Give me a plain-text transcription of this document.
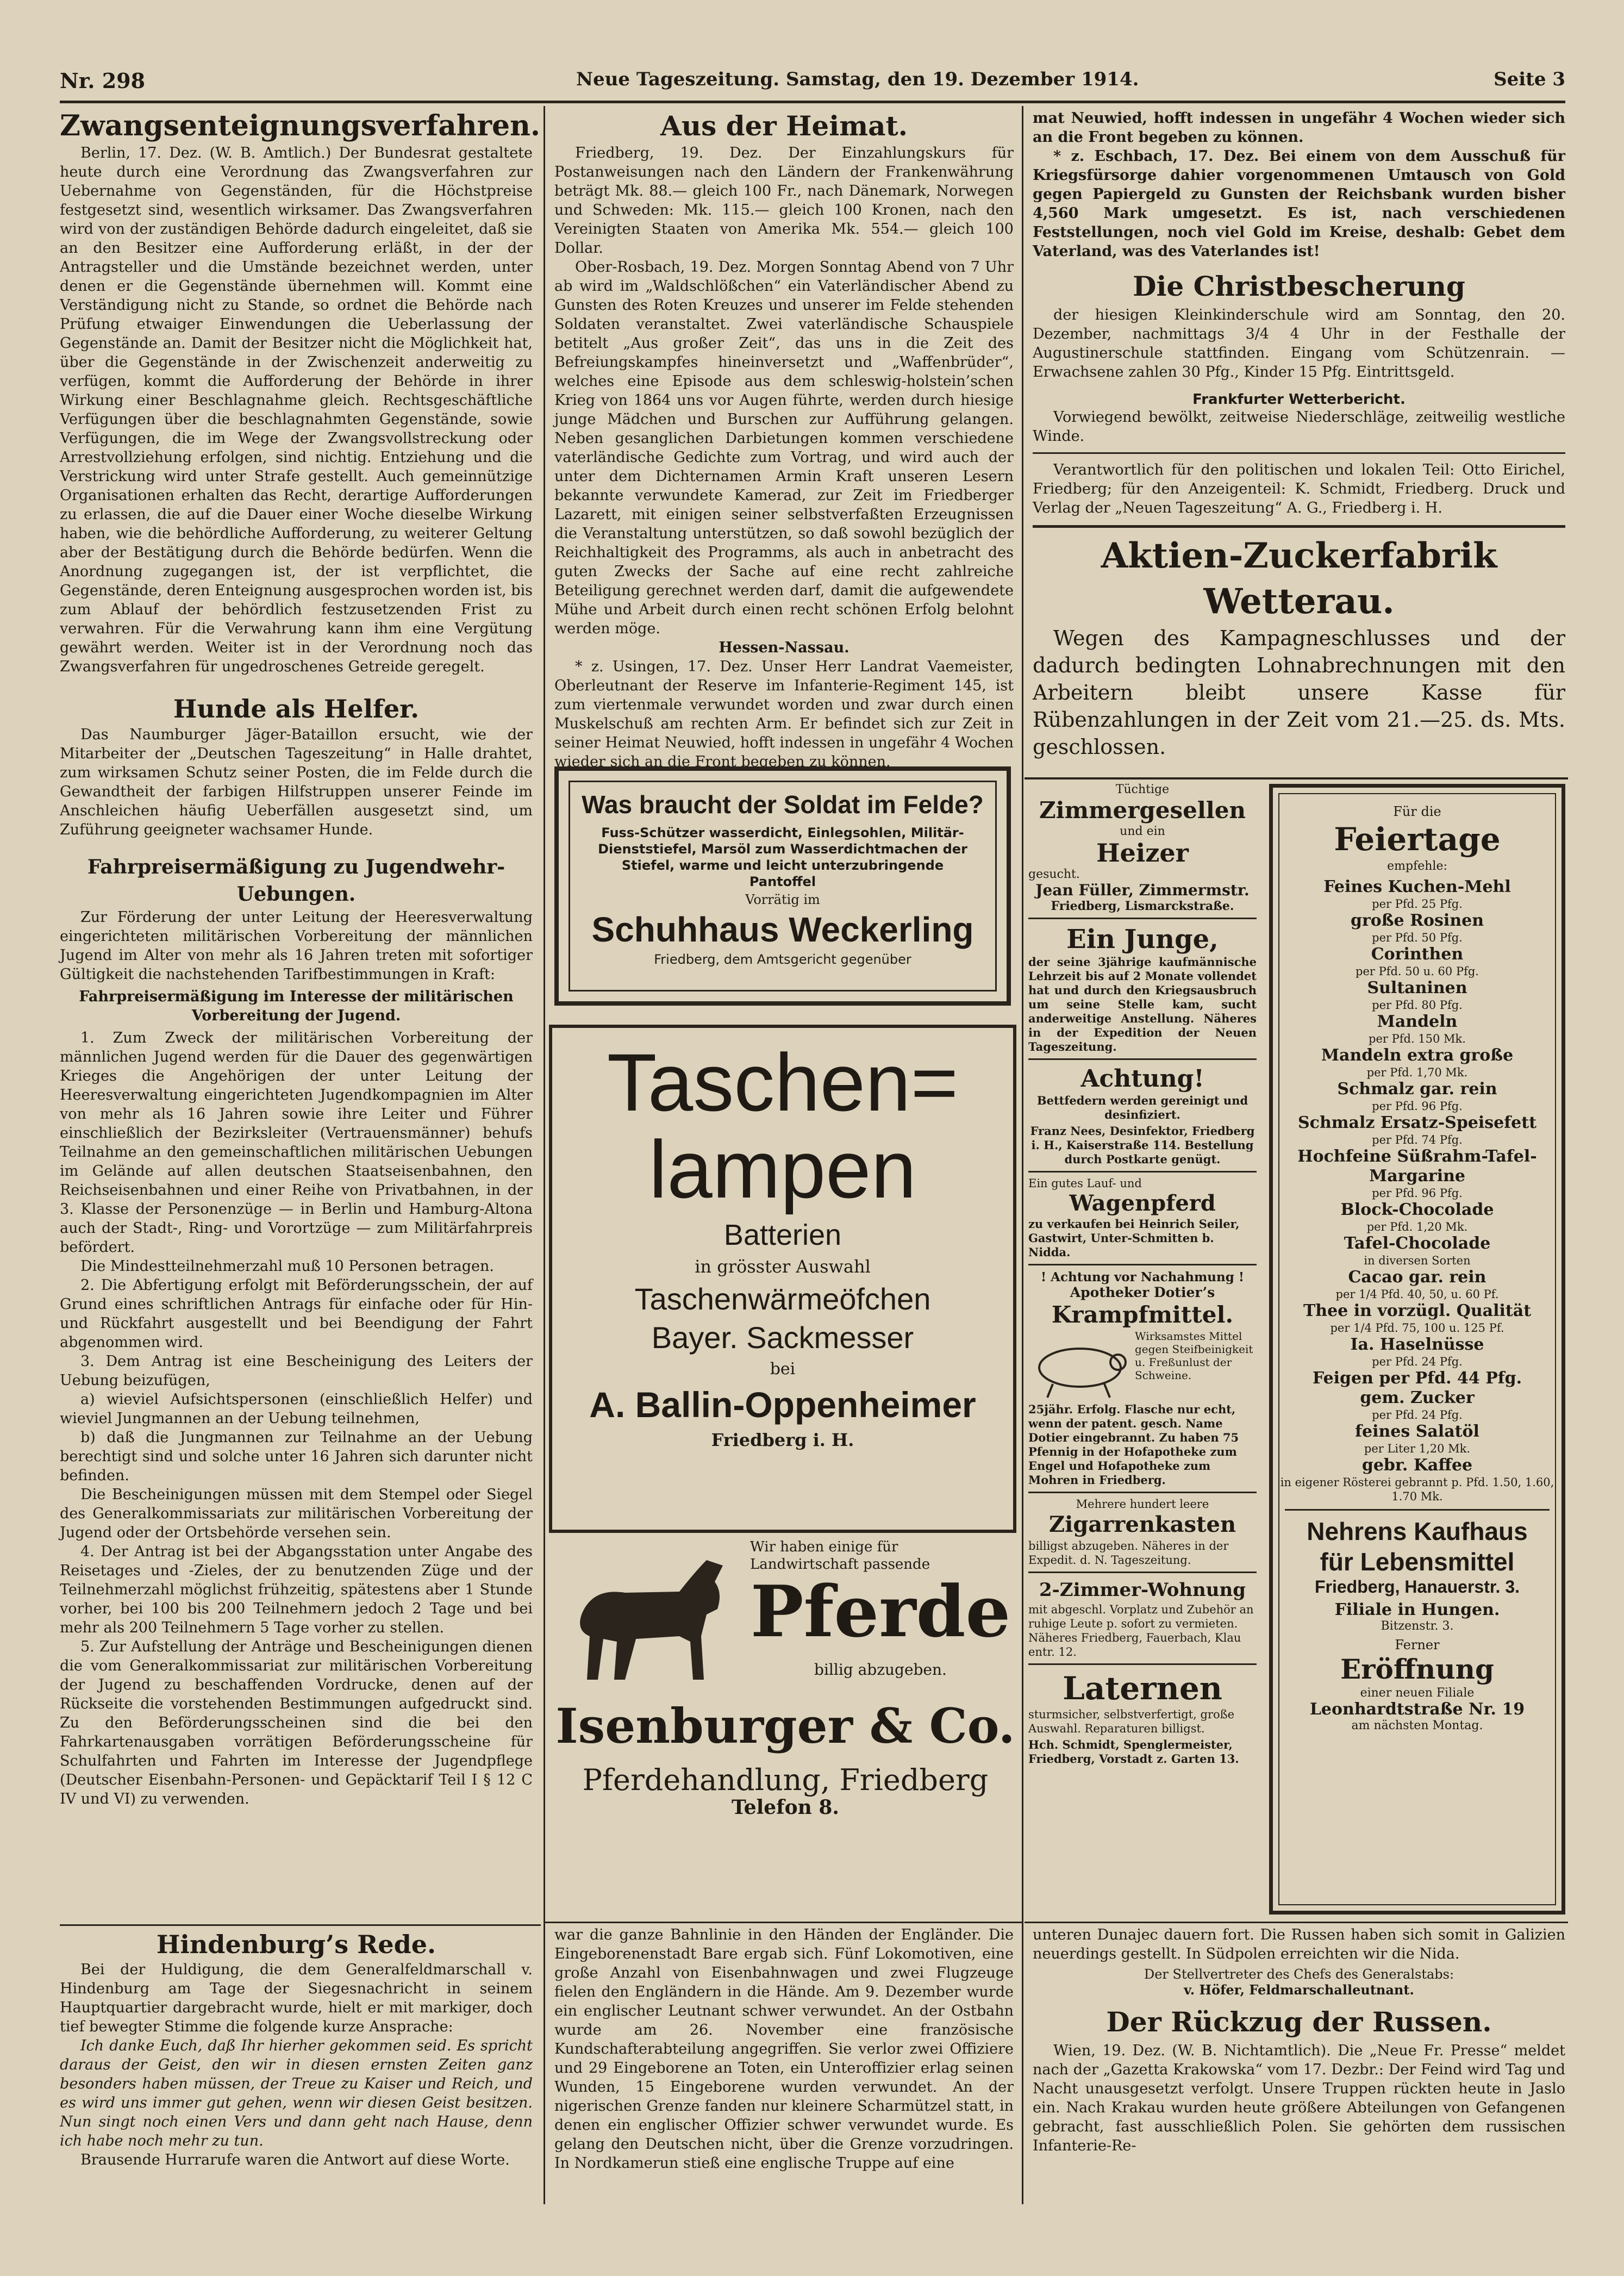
Nr. 298	Neue Tageszeitung. Samstag, den 19. Dezember 1914.	Seite 3
Zwangsenteignungsverfahren.

Berlin, 17. Dez. (W. B. Amtlich.) Der Bundesrat gestaltete heute durch eine Verordnung das Zwangsverfahren zur Uebernahme von Gegenständen, für die Höchstpreise festgesetzt sind, wesentlich wirksamer. Das Zwangsverfahren wird von der zuständigen Behörde dadurch eingeleitet, daß sie an den Besitzer eine Aufforderung erläßt, in der der Antragsteller und die Umstände bezeichnet werden, unter denen er die Gegenstände übernehmen will. Kommt eine Verständigung nicht zu Stande, so ordnet die Behörde nach Prüfung etwaiger Einwendungen die Ueberlassung der Gegenstände an. Damit der Besitzer nicht die Möglichkeit hat, über die Gegenstände in der Zwischenzeit anderweitig zu verfügen, kommt die Aufforderung der Behörde in ihrer Wirkung einer Beschlagnahme gleich. Rechtsgeschäftliche Verfügungen über die beschlagnahmten Gegenstände, sowie Verfügungen, die im Wege der Zwangsvollstreckung oder Arrestvollziehung erfolgen, sind nichtig. Entziehung und die Verstrickung wird unter Strafe gestellt. Auch gemeinnützige Organisationen erhalten das Recht, derartige Aufforderungen zu erlassen, die auf die Dauer einer Woche dieselbe Wirkung haben, wie die behördliche Aufforderung, zu weiterer Geltung aber der Bestätigung durch die Behörde bedürfen. Wenn die Anordnung zugegangen ist, der ist verpflichtet, die Gegenstände, deren Enteignung ausgesprochen worden ist, bis zum Ablauf der behördlich festzusetzenden Frist zu verwahren. Für die Verwahrung kann ihm eine Vergütung gewährt werden. Weiter ist in der Verordnung noch das Zwangsverfahren für ungedroschenes Getreide geregelt.

Hunde als Helfer.

Das Naumburger Jäger-Bataillon ersucht, wie der Mitarbeiter der „Deutschen Tageszeitung“ in Halle drahtet, zum wirksamen Schutz seiner Posten, die im Felde durch die Gewandtheit der farbigen Hilfstruppen unserer Feinde im Anschleichen häufig Ueberfällen ausgesetzt sind, um Zuführung geeigneter wachsamer Hunde.

Fahrpreisermäßigung zu Jugendwehr-Uebungen.

Zur Förderung der unter Leitung der Heeresverwaltung eingerichteten militärischen Vorbereitung der männlichen Jugend im Alter von mehr als 16 Jahren treten mit sofortiger Gültigkeit die nachstehenden Tarifbestimmungen in Kraft:

Fahrpreisermäßigung im Interesse der militärischen Vorbereitung der Jugend.

1. Zum Zweck der militärischen Vorbereitung der männlichen Jugend werden für die Dauer des gegenwärtigen Krieges die Angehörigen der unter Leitung der Heeresverwaltung eingerichteten Jugendkompagnien im Alter von mehr als 16 Jahren sowie ihre Leiter und Führer einschließlich der Bezirksleiter (Vertrauensmänner) behufs Teilnahme an den gemeinschaftlichen militärischen Uebungen im Gelände auf allen deutschen Staatseisenbahnen, den Reichseisenbahnen und einer Reihe von Privatbahnen, in der 3. Klasse der Personenzüge — in Berlin und Hamburg-Altona auch der Stadt-, Ring- und Vorortzüge — zum Militärfahrpreis befördert.

Die Mindestteilnehmerzahl muß 10 Personen betragen.

2. Die Abfertigung erfolgt mit Beförderungsschein, der auf Grund eines schriftlichen Antrags für einfache oder für Hin- und Rückfahrt ausgestellt und bei Beendigung der Fahrt abgenommen wird.

3. Dem Antrag ist eine Bescheinigung des Leiters der Uebung beizufügen,

a) wieviel Aufsichtspersonen (einschließlich Helfer) und wieviel Jungmannen an der Uebung teilnehmen,

b) daß die Jungmannen zur Teilnahme an der Uebung berechtigt sind und solche unter 16 Jahren sich darunter nicht befinden.

Die Bescheinigungen müssen mit dem Stempel oder Siegel des Generalkommissariats zur militärischen Vorbereitung der Jugend oder der Ortsbehörde versehen sein.

4. Der Antrag ist bei der Abgangsstation unter Angabe des Reisetages und -Zieles, der zu benutzenden Züge und der Teilnehmerzahl möglichst frühzeitig, spätestens aber 1 Stunde vorher, bei 100 bis 200 Teilnehmern jedoch 2 Tage und bei mehr als 200 Teilnehmern 5 Tage vorher zu stellen.

5. Zur Aufstellung der Anträge und Bescheinigungen dienen die vom Generalkommissariat zur militärischen Vorbereitung der Jugend zu beschaffenden Vordrucke, denen auf der Rückseite die vorstehenden Bestimmungen aufgedruckt sind. Zu den Beförderungsscheinen sind die bei den Fahrkartenausgaben vorrätigen Beförderungsscheine für Schulfahrten und Fahrten im Interesse der Jugendpflege (Deutscher Eisenbahn-Personen- und Gepäcktarif Teil I § 12 C IV und VI) zu verwenden.

Hindenburg’s Rede.

Bei der Huldigung, die dem Generalfeldmarschall v. Hindenburg am Tage der Siegesnachricht in seinem Hauptquartier dargebracht wurde, hielt er mit markiger, doch tief bewegter Stimme die folgende kurze Ansprache:

Ich danke Euch, daß Ihr hierher gekommen seid. Es spricht daraus der Geist, den wir in diesen ernsten Zeiten ganz besonders haben müssen, der Treue zu Kaiser und Reich, und es wird uns immer gut gehen, wenn wir diesen Geist besitzen. Nun singt noch einen Vers und dann geht nach Hause, denn ich habe noch mehr zu tun.

Brausende Hurrarufe waren die Antwort auf diese Worte.

Aus der Heimat.

Friedberg, 19. Dez. Der Einzahlungskurs für Postanweisungen nach den Ländern der Frankenwährung beträgt Mk. 88.— gleich 100 Fr., nach Dänemark, Norwegen und Schweden: Mk. 115.— gleich 100 Kronen, nach den Vereinigten Staaten von Amerika Mk. 554.— gleich 100 Dollar.

Ober-Rosbach, 19. Dez. Morgen Sonntag Abend von 7 Uhr ab wird im „Waldschlößchen“ ein Vaterländischer Abend zu Gunsten des Roten Kreuzes und unserer im Felde stehenden Soldaten veranstaltet. Zwei vaterländische Schauspiele betitelt „Aus großer Zeit“, das uns in die Zeit des Befreiungskampfes hineinversetzt und „Waffenbrüder“, welches eine Episode aus dem schleswig-holstein’schen Krieg von 1864 uns vor Augen führte, werden durch hiesige junge Mädchen und Burschen zur Aufführung gelangen. Neben gesanglichen Darbietungen kommen verschiedene vaterländische Gedichte zum Vortrag, und wird auch der unter dem Dichternamen Armin Kraft unseren Lesern bekannte verwundete Kamerad, zur Zeit im Friedberger Lazarett, mit einigen seiner selbstverfaßten Erzeugnissen die Veranstaltung unterstützen, so daß sowohl bezüglich der Reichhaltigkeit des Programms, als auch in anbetracht des guten Zwecks der Sache auf eine recht zahlreiche Beteiligung gerechnet werden darf, damit die aufgewendete Mühe und Arbeit durch einen recht schönen Erfolg belohnt werden möge.

Hessen-Nassau.

* z. Usingen, 17. Dez. Unser Herr Landrat Vaemeister, Oberleutnant der Reserve im Infanterie-Regiment 145, ist zum viertenmale verwundet worden und zwar durch einen Muskelschuß am rechten Arm. Er befindet sich zur Zeit in seiner Heimat Neuwied, hofft indessen in ungefähr 4 Wochen wieder sich an die Front begeben zu können.

Was braucht der Soldat im Felde?

Fuss-Schützer wasserdicht, Einlegsohlen, Militär-Dienststiefel, Marsöl zum Wasserdichtmachen der Stiefel, warme und leicht unterzubringende Pantoffel

Vorrätig im

Schuhhaus Weckerling

Friedberg, dem Amtsgericht gegenüber

Taschen=

lampen

Batterien

in grösster Auswahl

Taschenwärmeöfchen

Bayer. Sackmesser

bei

A. Ballin-Oppenheimer

Friedberg i. H.

Wir haben einige für Landwirtschaft passende

Pferde

billig abzugeben.

Isenburger & Co.

Pferdehandlung, Friedberg

Telefon 8.

war die ganze Bahnlinie in den Händen der Engländer. Die Eingeborenenstadt Bare ergab sich. Fünf Lokomotiven, eine große Anzahl von Eisenbahnwagen und zwei Flugzeuge fielen den Engländern in die Hände. Am 9. Dezember wurde ein englischer Leutnant schwer verwundet. An der Ostbahn wurde am 26. November eine französische Kundschafterabteilung angegriffen. Sie verlor zwei Offiziere und 29 Eingeborene an Toten, ein Unteroffizier erlag seinen Wunden, 15 Eingeborene wurden verwundet. An der nigerischen Grenze fanden nur kleinere Scharmützel statt, in denen ein englischer Offizier schwer verwundet wurde. Es gelang den Deutschen nicht, über die Grenze vorzudringen. In Nordkamerun stieß eine englische Truppe auf eine

mat Neuwied, hofft indessen in ungefähr 4 Wochen wieder sich an die Front begeben zu können.

* z. Eschbach, 17. Dez. Bei einem von dem Ausschuß für Kriegsfürsorge dahier vorgenommenen Umtausch von Gold gegen Papiergeld zu Gunsten der Reichsbank wurden bisher 4,560 Mark umgesetzt. Es ist, nach verschiedenen Feststellungen, noch viel Gold im Kreise, deshalb: Gebet dem Vaterland, was des Vaterlandes ist!

Die Christbescherung

der hiesigen Kleinkinderschule wird am Sonntag, den 20. Dezember, nachmittags 3/4 4 Uhr in der Festhalle der Augustinerschule stattfinden. Eingang vom Schützenrain. — Erwachsene zahlen 30 Pfg., Kinder 15 Pfg. Eintrittsgeld.

Frankfurter Wetterbericht.

Vorwiegend bewölkt, zeitweise Niederschläge, zeitweilig westliche Winde.

Verantwortlich für den politischen und lokalen Teil: Otto Eirichel, Friedberg; für den Anzeigenteil: K. Schmidt, Friedberg. Druck und Verlag der „Neuen Tageszeitung“ A. G., Friedberg i. H.

Aktien-Zuckerfabrik Wetterau.

Wegen des Kampagneschlusses und der dadurch bedingten Lohnabrechnungen mit den Arbeitern bleibt unsere Kasse für Rübenzahlungen in der Zeit vom 21.—25. ds. Mts. geschlossen.

Tüchtige

Zimmergesellen

und ein

Heizer

gesucht.

Jean Füller, Zimmermstr.

Friedberg, Lismarckstraße.

Ein Junge,

der seine 3jährige kaufmännische Lehrzeit bis auf 2 Monate vollendet hat und durch den Kriegsausbruch um seine Stelle kam, sucht anderweitige Anstellung. Näheres in der Expedition der Neuen Tageszeitung.

Achtung!

Bettfedern werden gereinigt und desinfiziert.

Franz Nees, Desinfektor, Friedberg i. H., Kaiserstraße 114. Bestellung durch Postkarte genügt.

Ein gutes Lauf- und

Wagenpferd

zu verkaufen bei Heinrich Seiler, Gastwirt, Unter-Schmitten b. Nidda.

! Achtung vor Nachahmung !

Apotheker Dotier’s

Krampfmittel.

Wirksamstes Mittel gegen Steifbeinigkeit u. Freßunlust der Schweine.

25jähr. Erfolg. Flasche nur echt, wenn der patent. gesch. Name Dotier eingebrannt. Zu haben 75 Pfennig in der Hofapotheke zum Engel und Hofapotheke zum Mohren in Friedberg.

Mehrere hundert leere

Zigarrenkasten

billigst abzugeben. Näheres in der Expedit. d. N. Tageszeitung.

2-Zimmer-Wohnung

mit abgeschl. Vorplatz und Zubehör an ruhige Leute p. sofort zu vermieten. Näheres Friedberg, Fauerbach, Klau entr. 12.

Laternen

sturmsicher, selbstverfertigt, große Auswahl. Reparaturen billigst.

Hch. Schmidt, Spenglermeister, Friedberg, Vorstadt z. Garten 13.

Für die

Feiertage

empfehle:

Feines Kuchen-Mehl

per Pfd. 25 Pfg.

große Rosinen

per Pfd. 50 Pfg.

Corinthen

per Pfd. 50 u. 60 Pfg.

Sultaninen

per Pfd. 80 Pfg.

Mandeln

per Pfd. 150 Mk.

Mandeln extra große

per Pfd. 1,70 Mk.

Schmalz gar. rein

per Pfd. 96 Pfg.

Schmalz Ersatz-Speisefett

per Pfd. 74 Pfg.

Hochfeine Süßrahm-Tafel-Margarine

per Pfd. 96 Pfg.

Block-Chocolade

per Pfd. 1,20 Mk.

Tafel-Chocolade

in diversen Sorten

Cacao gar. rein

per 1/4 Pfd. 40, 50, u. 60 Pf.

Thee in vorzügl. Qualität

per 1/4 Pfd. 75, 100 u. 125 Pf.

Ia. Haselnüsse

per Pfd. 24 Pfg.

Feigen per Pfd. 44 Pfg.

gem. Zucker

per Pfd. 24 Pfg.

feines Salatöl

per Liter 1,20 Mk.

gebr. Kaffee

in eigener Rösterei gebrannt p. Pfd. 1.50, 1.60, 1.70 Mk.

Nehrens Kaufhaus

für Lebensmittel

Friedberg, Hanauerstr. 3.

Filiale in Hungen.

Bitzenstr. 3.

Ferner

Eröffnung

einer neuen Filiale

Leonhardtstraße Nr. 19

am nächsten Montag.

unteren Dunajec dauern fort. Die Russen haben sich somit in Galizien neuerdings gestellt. In Südpolen erreichten wir die Nida.

Der Stellvertreter des Chefs des Generalstabs:

v. Höfer, Feldmarschalleutnant.

Der Rückzug der Russen.

Wien, 19. Dez. (W. B. Nichtamtlich). Die „Neue Fr. Presse“ meldet nach der „Gazetta Krakowska“ vom 17. Dezbr.: Der Feind wird Tag und Nacht unausgesetzt verfolgt. Unsere Truppen rückten heute in Jaslo ein. Nach Krakau wurden heute größere Abteilungen von Gefangenen gebracht, fast ausschließlich Polen. Sie gehörten dem russischen Infanterie-Re-
